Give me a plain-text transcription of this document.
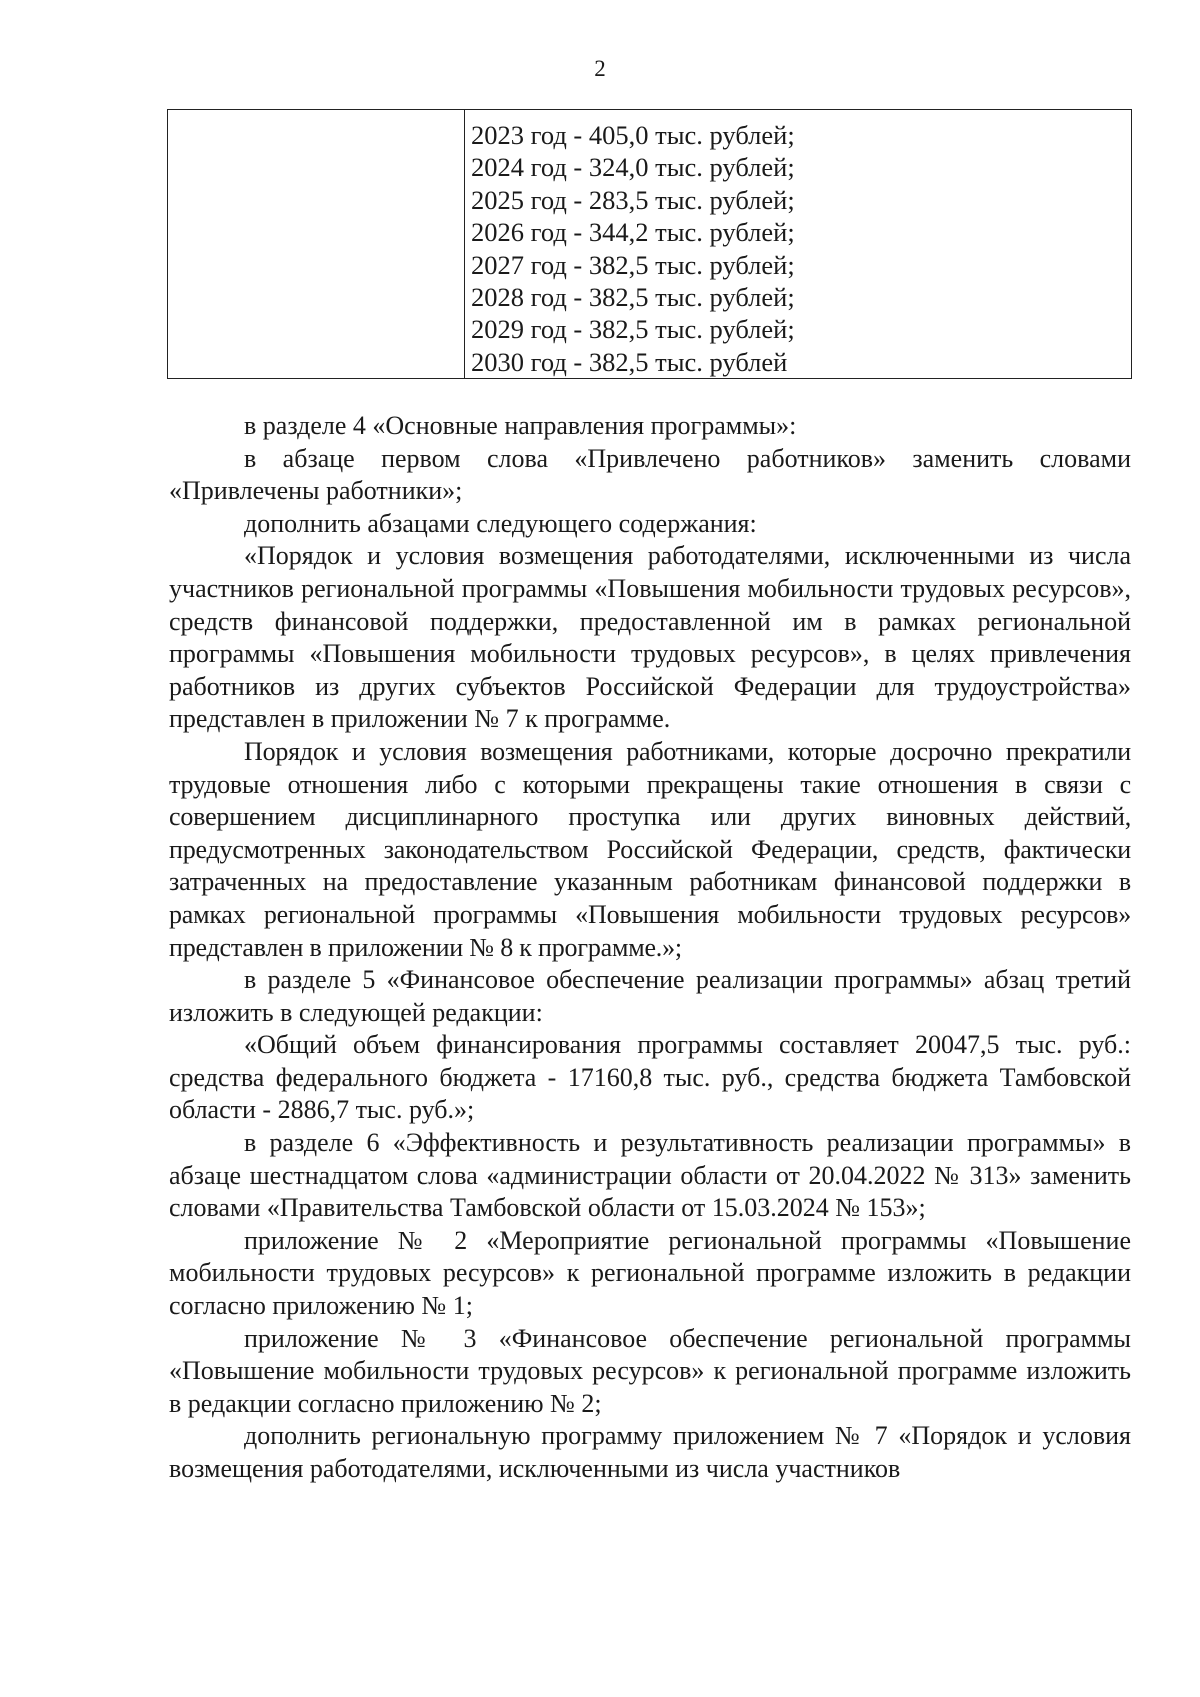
2
2023 год - 405,0 тыс. рублей;
2024 год - 324,0 тыс. рублей;
2025 год - 283,5 тыс. рублей;
2026 год - 344,2 тыс. рублей;
2027 год - 382,5 тыс. рублей;
2028 год - 382,5 тыс. рублей;
2029 год - 382,5 тыс. рублей;
2030 год - 382,5 тыс. рублей

в разделе 4 «Основные направления программы»:

в абзаце первом слова «Привлечено работников» заменить словами «Привлечены работники»;

дополнить абзацами следующего содержания:

«Порядок и условия возмещения работодателями, исключенными из числа участников региональной программы «Повышения мобильности трудовых ресурсов», средств финансовой поддержки, предоставленной им в рамках региональной программы «Повышения мобильности трудовых ресурсов», в целях привлечения работников из других субъектов Российской Федерации для трудоустройства» представлен в приложении № 7 к программе.

Порядок и условия возмещения работниками, которые досрочно прекратили трудовые отношения либо с которыми прекращены такие отношения в связи с совершением дисциплинарного проступка или других виновных действий, предусмотренных законодательством Российской Федерации, средств, фактически затраченных на предоставление указанным работникам финансовой поддержки в рамках региональной программы «Повышения мобильности трудовых ресурсов» представлен в приложении № 8 к программе.»;

в разделе 5 «Финансовое обеспечение реализации программы» абзац третий изложить в следующей редакции:

«Общий объем финансирования программы составляет 20047,5 тыс. руб.: средства федерального бюджета - 17160,8 тыс. руб., средства бюджета Тамбовской области - 2886,7 тыс. руб.»;

в разделе 6 «Эффективность и результативность реализации программы» в абзаце шестнадцатом слова «администрации области от 20.04.2022 № 313» заменить словами «Правительства Тамбовской области от 15.03.2024 № 153»;

приложение № 2 «Мероприятие региональной программы «Повышение мобильности трудовых ресурсов» к региональной программе изложить в редакции согласно приложению № 1;

приложение № 3 «Финансовое обеспечение региональной программы «Повышение мобильности трудовых ресурсов» к региональной программе изложить в редакции согласно приложению № 2;

дополнить региональную программу приложением № 7 «Порядок и условия возмещения работодателями, исключенными из числа участников
